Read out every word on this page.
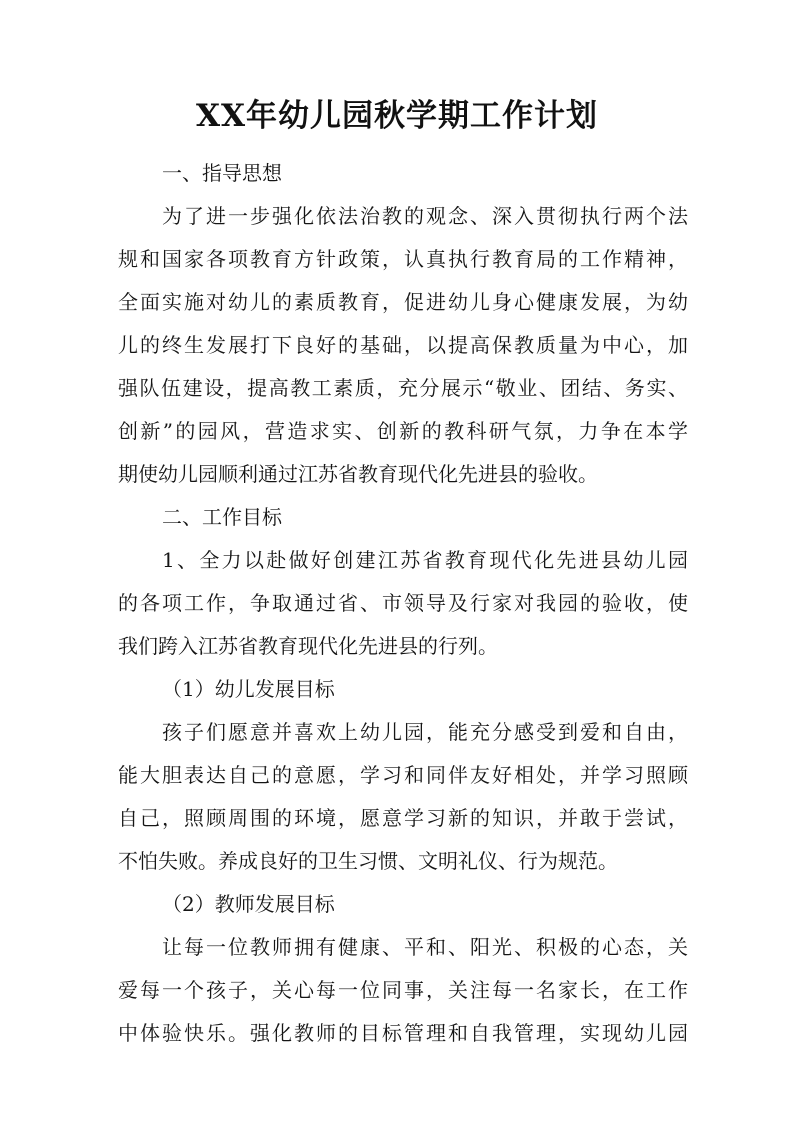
XX年幼儿园秋学期工作计划
一、指导思想
为了进一步强化依法治教的观念、深入贯彻执行两个法
规和国家各项教育方针政策，认真执行教育局的工作精神，
全面实施对幼儿的素质教育，促进幼儿身心健康发展，为幼
儿的终生发展打下良好的基础，以提高保教质量为中心，加
强队伍建设，提高教工素质，充分展示“敬业、团结、务实、
创新”的园风，营造求实、创新的教科研气氛，力争在本学
期使幼儿园顺利通过江苏省教育现代化先进县的验收。
二、工作目标
1、全力以赴做好创建江苏省教育现代化先进县幼儿园
的各项工作，争取通过省、市领导及行家对我园的验收，使
我们跨入江苏省教育现代化先进县的行列。
（1）幼儿发展目标
孩子们愿意并喜欢上幼儿园，能充分感受到爱和自由，
能大胆表达自己的意愿，学习和同伴友好相处，并学习照顾
自己，照顾周围的环境，愿意学习新的知识，并敢于尝试，
不怕失败。养成良好的卫生习惯、文明礼仪、行为规范。
（2）教师发展目标
让每一位教师拥有健康、平和、阳光、积极的心态，关
爱每一个孩子，关心每一位同事，关注每一名家长，在工作
中体验快乐。强化教师的目标管理和自我管理，实现幼儿园
